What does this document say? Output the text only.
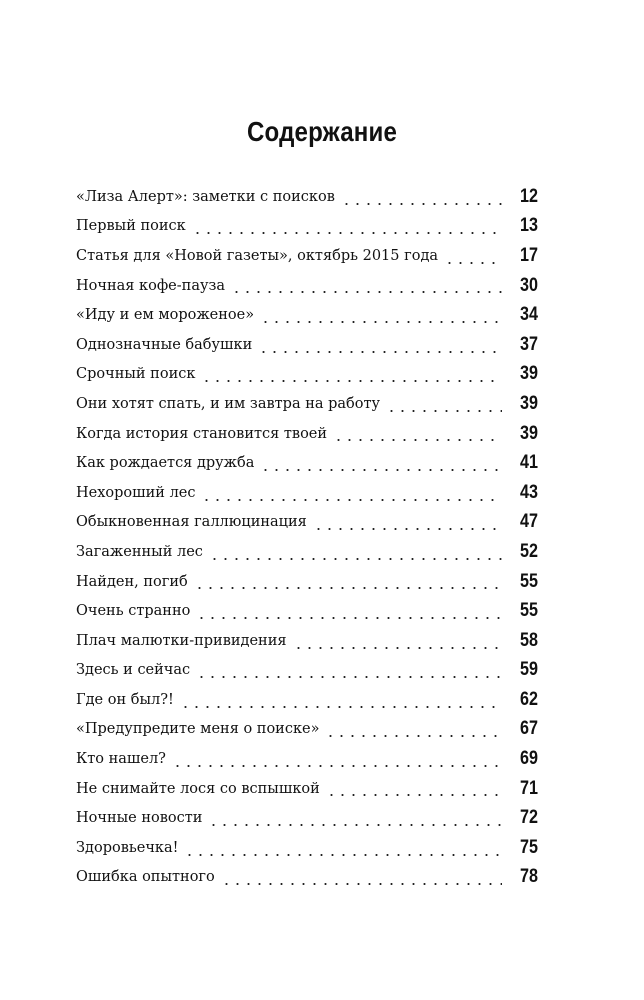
Содержание
«Лиза Алерт»: заметки с поисков	12
Первый поиск	13
Статья для «Новой газеты», октябрь 2015 года	17
Ночная кофе-пауза	30
«Иду и ем мороженое»	34
Однозначные бабушки	37
Срочный поиск	39
Они хотят спать, и им завтра на работу	39
Когда история становится твоей	39
Как рождается дружба	41
Нехороший лес	43
Обыкновенная галлюцинация	47
Загаженный лес	52
Найден, погиб	55
Очень странно	55
Плач малютки-привидения	58
Здесь и сейчас	59
Где он был?!	62
«Предупредите меня о поиске»	67
Кто нашел?	69
Не снимайте лося со вспышкой	71
Ночные новости	72
Здоровьечка!	75
Ошибка опытного	78
